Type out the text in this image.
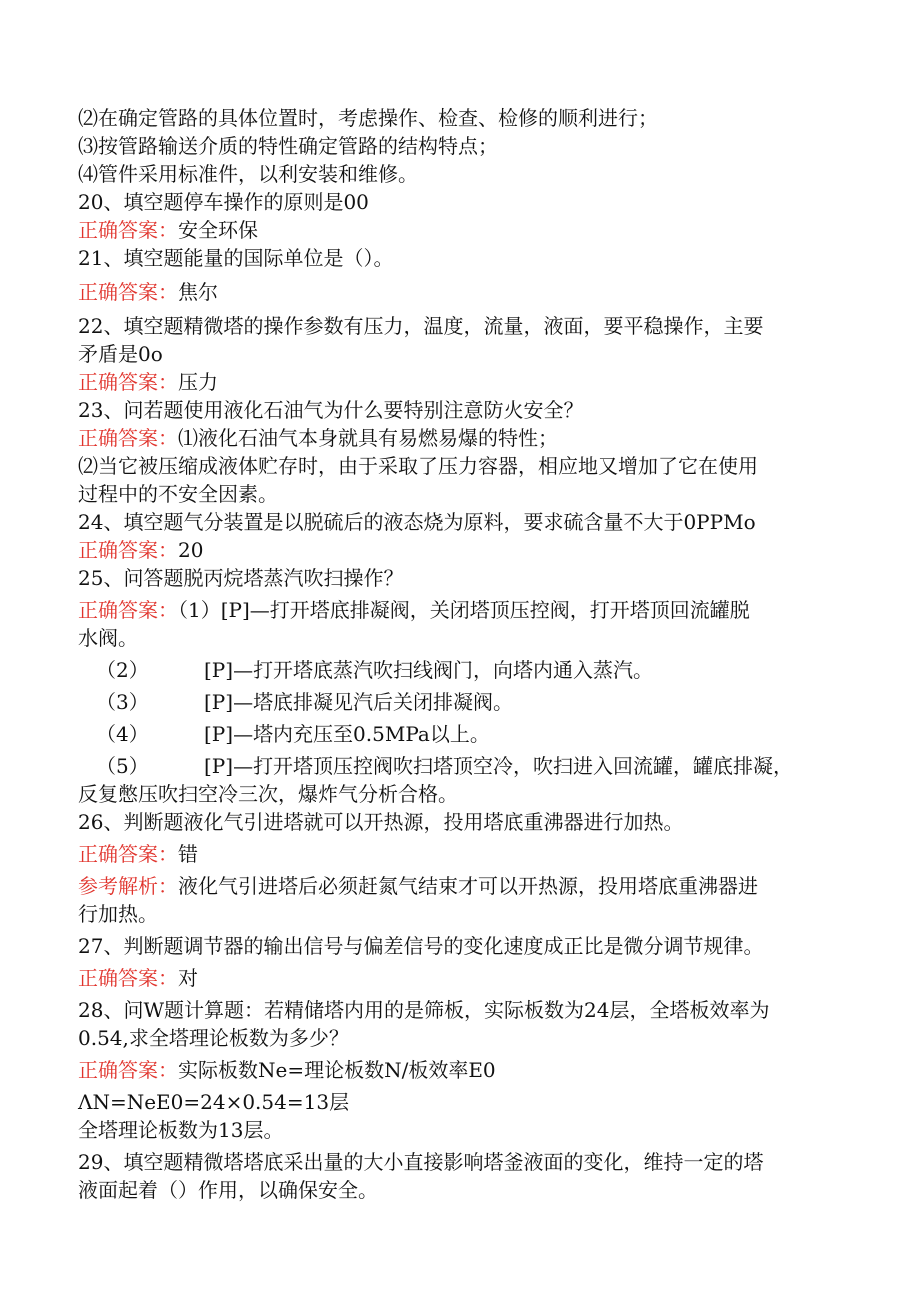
⑵在确定管路的具体位置时，考虑操作、检查、检修的顺利进行；
⑶按管路输送介质的特性确定管路的结构特点；
⑷管件采用标准件，以利安装和维修。
20、填空题停车操作的原则是00
正确答案：安全环保
21、填空题能量的国际单位是（）。
正确答案：焦尔
22、填空题精微塔的操作参数有压力，温度，流量，液面，要平稳操作，主要
矛盾是0o
正确答案：压力
23、问若题使用液化石油气为什么要特别注意防火安全？
正确答案：⑴液化石油气本身就具有易燃易爆的特性；
⑵当它被压缩成液体贮存时，由于采取了压力容器，相应地又增加了它在使用
过程中的不安全因素。
24、填空题气分装置是以脱硫后的液态烧为原料，要求硫含量不大于0PPMo
正确答案：20
25、问答题脱丙烷塔蒸汽吹扫操作？
正确答案：（1）[P]—打开塔底排凝阀，关闭塔顶压控阀，打开塔顶回流罐脱
水阀。
（2）	[P]—打开塔底蒸汽吹扫线阀门，向塔内通入蒸汽。
（3）	[P]—塔底排凝见汽后关闭排凝阀。
（4）	[P]—塔内充压至0.5MPa以上。
（5）	[P]—打开塔顶压控阀吹扫塔顶空冷，吹扫进入回流罐，罐底排凝，
反复憋压吹扫空冷三次，爆炸气分析合格。
26、判断题液化气引进塔就可以开热源，投用塔底重沸器进行加热。
正确答案：错
参考解析：液化气引进塔后必须赶氮气结束才可以开热源，投用塔底重沸器进
行加热。
27、判断题调节器的输出信号与偏差信号的变化速度成正比是微分调节规律。
正确答案：对
28、问W题计算题：若精储塔内用的是筛板，实际板数为24层，全塔板效率为
0.54,求全塔理论板数为多少？
正确答案：实际板数Ne=理论板数N/板效率E0
ΛN=NeE0=24×0.54=13层
全塔理论板数为13层。
29、填空题精微塔塔底采出量的大小直接影响塔釜液面的变化，维持一定的塔
液面起着（）作用，以确保安全。
